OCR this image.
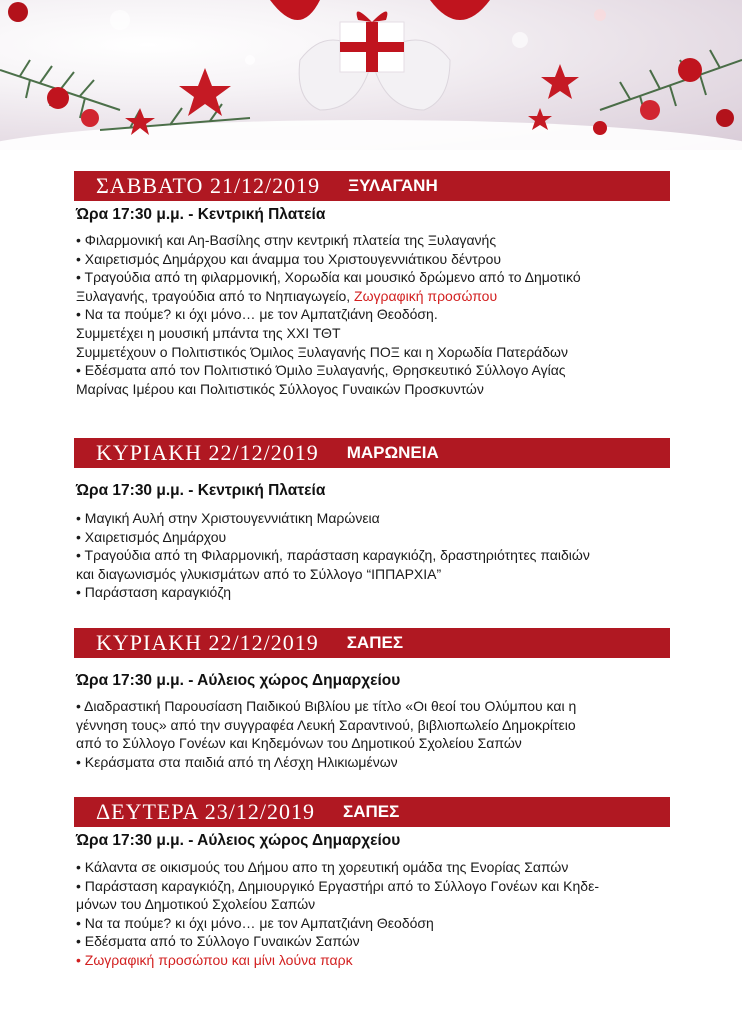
ΣΑΒΒΑΤΟ 21/12/2019 ΞΥΛΑΓΑΝΗ
Ώρα 17:30 μ.μ. - Κεντρική Πλατεία
• Φιλαρμονική και Αη-Βασίλης στην κεντρική πλατεία της Ξυλαγανής
• Χαιρετισμός Δημάρχου και άναμμα του Χριστουγεννιάτικου δέντρου
• Τραγούδια από τη φιλαρμονική, Χορωδία και μουσικό δρώμενο από το Δημοτικό
Ξυλαγανής, τραγούδια από το Νηπιαγωγείο, Ζωγραφική προσώπου
• Να τα πούμε? κι όχι μόνο… με τον Αμπατζιάνη Θεοδόση.
Συμμετέχει η μουσική μπάντα της ΧΧΙ ΤΘΤ
Συμμετέχουν ο Πολιτιστικός Όμιλος Ξυλαγανής ΠΟΞ και η Χορωδία Πατεράδων
• Εδέσματα από τον Πολιτιστικό Όμιλο Ξυλαγανής, Θρησκευτικό Σύλλογο Αγίας
Μαρίνας Ιμέρου και Πολιτιστικός Σύλλογος Γυναικών Προσκυντών
ΚΥΡΙΑΚΗ 22/12/2019 ΜΑΡΩΝΕΙΑ
Ώρα 17:30 μ.μ. - Κεντρική Πλατεία
• Μαγική Αυλή στην Χριστουγεννιάτικη Μαρώνεια
• Χαιρετισμός Δημάρχου
• Τραγούδια από τη Φιλαρμονική, παράσταση καραγκιόζη, δραστηριότητες παιδιών
και διαγωνισμός γλυκισμάτων από το Σύλλογο “ΙΠΠΑΡΧΙΑ”
• Παράσταση καραγκιόζη
ΚΥΡΙΑΚΗ 22/12/2019 ΣΑΠΕΣ
Ώρα 17:30 μ.μ. - Αύλειος χώρος Δημαρχείου
• Διαδραστική Παρουσίαση Παιδικού Βιβλίου με τίτλο «Οι θεοί του Ολύμπου και η
γέννηση τους» από την συγγραφέα Λευκή Σαραντινού, βιβλιοπωλείο Δημοκρίτειο
από το Σύλλογο Γονέων και Κηδεμόνων του Δημοτικού Σχολείου Σαπών
• Κεράσματα στα παιδιά από τη Λέσχη Ηλικιωμένων
ΔΕΥΤΕΡΑ 23/12/2019 ΣΑΠΕΣ
Ώρα 17:30 μ.μ. - Αύλειος χώρος Δημαρχείου
• Κάλαντα σε οικισμούς του Δήμου απο τη χορευτική ομάδα της Ενορίας Σαπών
• Παράσταση καραγκιόζη, Δημιουργικό Εργαστήρι από το Σύλλογο Γονέων και Κηδε-
μόνων του Δημοτικού Σχολείου Σαπών
• Να τα πούμε? κι όχι μόνο… με τον Αμπατζιάνη Θεοδόση
• Εδέσματα από το Σύλλογο Γυναικών Σαπών
• Ζωγραφική προσώπου και μίνι λούνα παρκ
